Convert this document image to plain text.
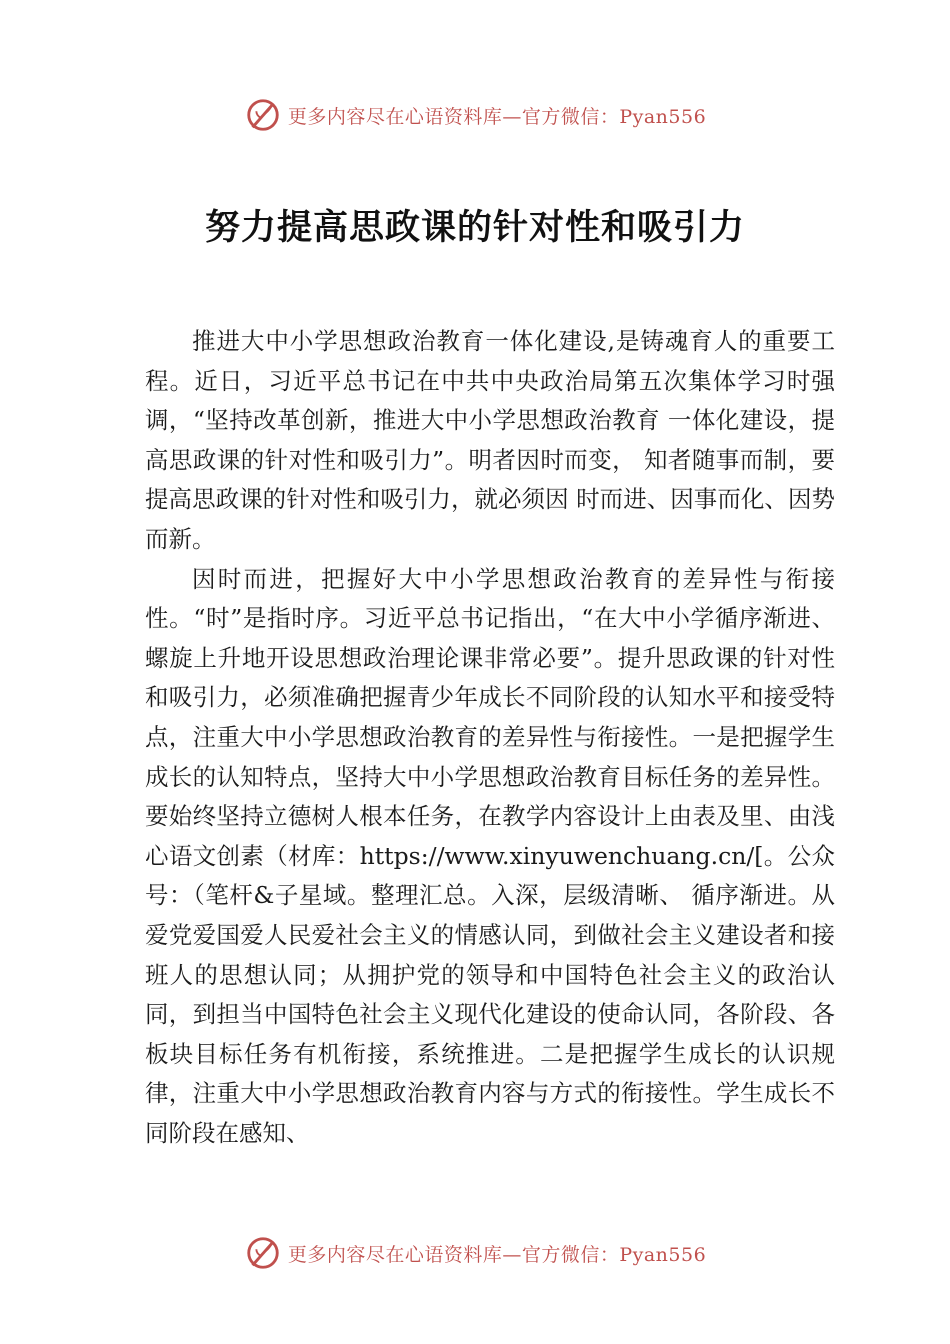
更多内容尽在心语资料库—官方微信：Pyan556
努力提高思政课的针对性和吸引力

推进大中小学思想政治教育一体化建设,是铸魂育人的重要工程。近日，习近平总书记在中共中央政治局第五次集体学习时强调，“坚持改革创新，推进大中小学思想政治教育 一体化建设，提高思政课的针对性和吸引力”。明者因时而变， 知者随事而制，要提高思政课的针对性和吸引力，就必须因 时而进、因事而化、因势而新。

因时而进，把握好大中小学思想政治教育的差异性与衔接性。“时”是指时序。习近平总书记指出，“在大中小学循序渐进、螺旋上升地开设思想政治理论课非常必要”。提升思政课的针对性和吸引力，必须准确把握青少年成长不同阶段的认知水平和接受特点，注重大中小学思想政治教育的差异性与衔接性。一是把握学生成长的认知特点，坚持大中小学思想政治教育目标任务的差异性。要始终坚持立德树人根本任务，在教学内容设计上由表及里、由浅心语文创素（材库：https://www.xinyuwenchuang.cn/[。公众号：（笔杆&子星域。整理汇总。入深，层级清晰、 循序渐进。从爱党爱国爱人民爱社会主义的情感认同，到做社会主义建设者和接班人的思想认同；从拥护党的领导和中国特色社会主义的政治认同，到担当中国特色社会主义现代化建设的使命认同，各阶段、各板块目标任务有机衔接，系统推进。二是把握学生成长的认识规律，注重大中小学思想政治教育内容与方式的衔接性。学生成长不同阶段在感知、

更多内容尽在心语资料库—官方微信：Pyan556
